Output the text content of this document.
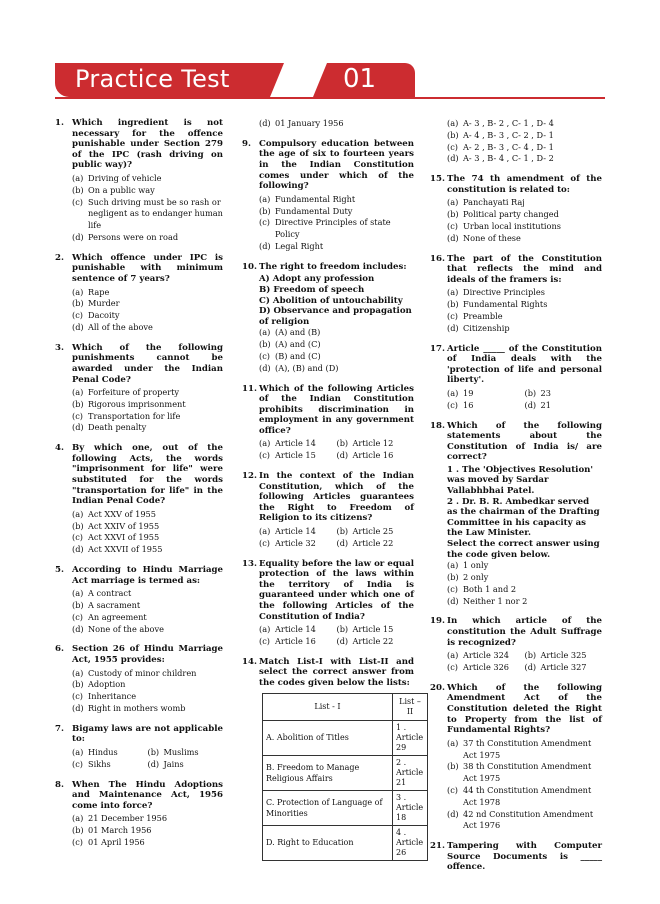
Practice Test	01
1. Which ingredient is not necessary for the offence punishable under Section 279 of the IPC (rash driving on public way)?
(a) Driving of vehicle
(b) On a public way
(c) Such driving must be so rash or negligent as to endanger human life
(d) Persons were on road
2. Which offence under IPC is punishable with minimum sentence of 7 years?
(a) Rape
(b) Murder
(c) Dacoity
(d) All of the above
3. Which of the following punishments cannot be awarded under the Indian Penal Code?
(a) Forfeiture of property
(b) Rigorous imprisonment
(c) Transportation for life
(d) Death penalty
4. By which one, out of the following Acts, the words "imprisonment for life" were substituted for the words "transportation for life" in the Indian Penal Code?
(a) Act XXV of 1955
(b) Act XXIV of 1955
(c) Act XXVI of 1955
(d) Act XXVII of 1955
5. According to Hindu Marriage Act marriage is termed as:
(a) A contract
(b) A sacrament
(c) An agreement
(d) None of the above
6. Section 26 of Hindu Marriage Act, 1955 provides:
(a) Custody of minor children
(b) Adoption
(c) Inheritance
(d) Right in mothers womb
7. Bigamy laws are not applicable to:
(a) Hindus	(b) Muslims
(c) Sikhs	(d) Jains
8. When The Hindu Adoptions and Maintenance Act, 1956 come into force?
(a) 21 December 1956
(b) 01 March 1956
(c) 01 April 1956
(d) 01 January 1956
9. Compulsory education between the age of six to fourteen years in the Indian Constitution comes under which of the following?
(a) Fundamental Right
(b) Fundamental Duty
(c) Directive Principles of state Policy
(d) Legal Right
10. The right to freedom includes:
A) Adopt any profession
B) Freedom of speech
C) Abolition of untouchability
D) Observance and propagation of religion
(a) (A) and (B)
(b) (A) and (C)
(c) (B) and (C)
(d) (A), (B) and (D)
11. Which of the following Articles of the Indian Constitution prohibits discrimination in employment in any government office?
(a) Article 14	(b) Article 12
(c) Article 15	(d) Article 16
12. In the context of the Indian Constitution, which of the following Articles guarantees the Right to Freedom of Religion to its citizens?
(a) Article 14	(b) Article 25
(c) Article 32	(d) Article 22
13. Equality before the law or equal protection of the laws within the territory of India is guaranteed under which one of the following Articles of the Constitution of India?
(a) Article 14	(b) Article 15
(c) Article 16	(d) Article 22
14. Match List-I with List-II and select the correct answer from the codes given below the lists:
List - I	List – II
A. Abolition of Titles	1 . Article 29
B. Freedom to Manage Religious Affairs	2 . Article 21
C. Protection of Language of Minorities	3 . Article 18
D. Right to Education	4 . Article 26
(a) A- 3 , B- 2 , C- 1 , D- 4
(b) A- 4 , B- 3 , C- 2 , D- 1
(c) A- 2 , B- 3 , C- 4 , D- 1
(d) A- 3 , B- 4 , C- 1 , D- 2
15. The 74 th amendment of the constitution is related to:
(a) Panchayati Raj
(b) Political party changed
(c) Urban local institutions
(d) None of these
16. The part of the Constitution that reflects the mind and ideals of the framers is:
(a) Directive Principles
(b) Fundamental Rights
(c) Preamble
(d) Citizenship
17. Article _____ of the Constitution of India deals with the 'protection of life and personal liberty'.
(a) 19	(b) 23
(c) 16	(d) 21
18. Which of the following statements about the Constitution of India is/ are correct?
1 . The 'Objectives Resolution' was moved by Sardar Vallabhbhai Patel.
2 . Dr. B. R. Ambedkar served as the chairman of the Drafting Committee in his capacity as the Law Minister.
Select the correct answer using the code given below.
(a) 1 only
(b) 2 only
(c) Both 1 and 2
(d) Neither 1 nor 2
19. In which article of the constitution the Adult Suffrage is recognized?
(a) Article 324 (b) Article 325
(c) Article 326 (d) Article 327
20. Which of the following Amendment Act of the Constitution deleted the Right to Property from the list of Fundamental Rights?
(a) 37 th Constitution Amendment Act 1975
(b) 38 th Constitution Amendment Act 1975
(c) 44 th Constitution Amendment Act 1978
(d) 42 nd Constitution Amendment Act 1976
21. Tampering with Computer Source Documents is _____ offence.
